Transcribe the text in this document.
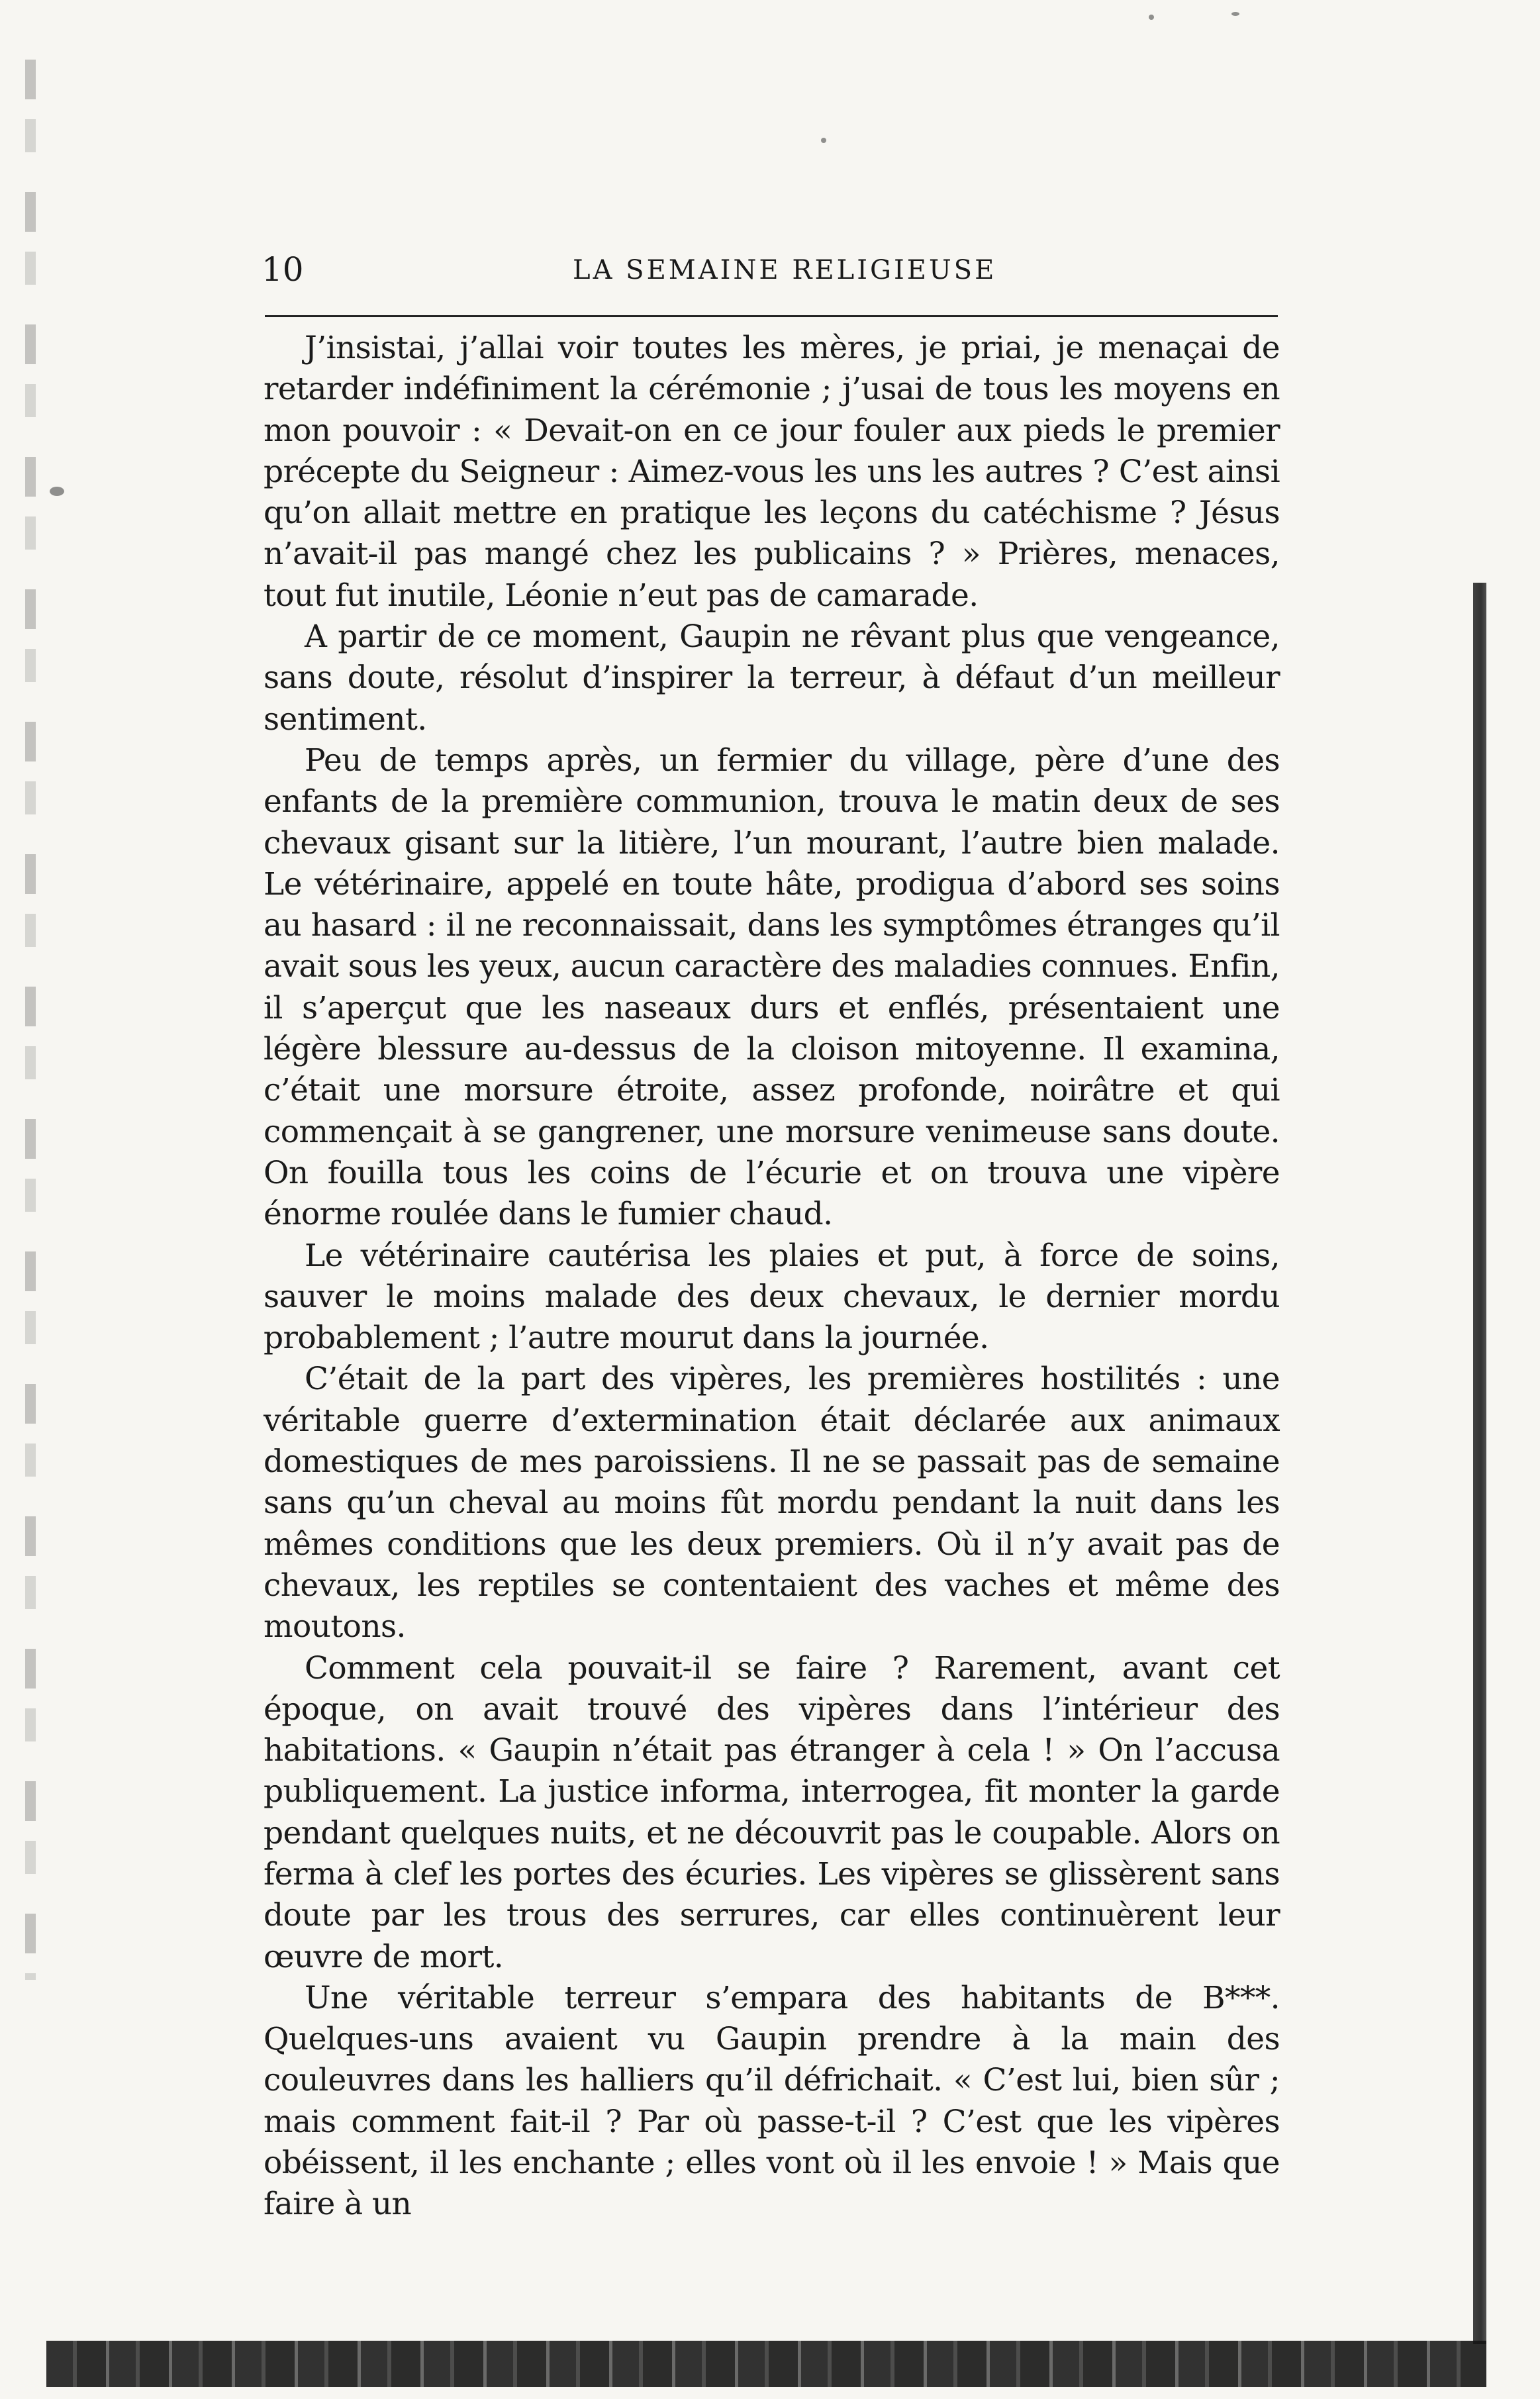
10	LA SEMAINE RELIGIEUSE

J’insistai, j’allai voir toutes les mères, je priai, je menaçai de retarder indéfiniment la cérémonie ; j’usai de tous les moyens en mon pouvoir : « Devait-on en ce jour fouler aux pieds le premier précepte du Seigneur : Aimez-vous les uns les autres ? C’est ainsi qu’on allait mettre en pratique les leçons du catéchisme ? Jésus n’avait-il pas mangé chez les publicains ? » Prières, menaces, tout fut inutile, Léonie n’eut pas de camarade.

A partir de ce moment, Gaupin ne rêvant plus que vengeance, sans doute, résolut d’inspirer la terreur, à défaut d’un meilleur sentiment.

Peu de temps après, un fermier du village, père d’une des enfants de la première communion, trouva le matin deux de ses chevaux gisant sur la litière, l’un mourant, l’autre bien malade. Le vétérinaire, appelé en toute hâte, prodigua d’abord ses soins au hasard : il ne reconnaissait, dans les symptômes étranges qu’il avait sous les yeux, aucun caractère des maladies connues. Enfin, il s’aperçut que les naseaux durs et enflés, présentaient une légère blessure au-dessus de la cloison mitoyenne. Il examina, c’était une morsure étroite, assez profonde, noirâtre et qui commençait à se gangrener, une morsure venimeuse sans doute. On fouilla tous les coins de l’écurie et on trouva une vipère énorme roulée dans le fumier chaud.

Le vétérinaire cautérisa les plaies et put, à force de soins, sauver le moins malade des deux chevaux, le dernier mordu probablement ; l’autre mourut dans la journée.

C’était de la part des vipères, les premières hostilités : une véritable guerre d’extermination était déclarée aux animaux domestiques de mes paroissiens. Il ne se passait pas de semaine sans qu’un cheval au moins fût mordu pendant la nuit dans les mêmes conditions que les deux premiers. Où il n’y avait pas de chevaux, les reptiles se contentaient des vaches et même des moutons.

Comment cela pouvait-il se faire ? Rarement, avant cet époque, on avait trouvé des vipères dans l’intérieur des habitations. « Gaupin n’était pas étranger à cela ! » On l’accusa publiquement. La justice informa, interrogea, fit monter la garde pendant quelques nuits, et ne découvrit pas le coupable. Alors on ferma à clef les portes des écuries. Les vipères se glissèrent sans doute par les trous des serrures, car elles continuèrent leur œuvre de mort.

Une véritable terreur s’empara des habitants de B***. Quelques-uns avaient vu Gaupin prendre à la main des couleuvres dans les halliers qu’il défrichait. « C’est lui, bien sûr ; mais comment fait-il ? Par où passe-t-il ? C’est que les vipères obéissent, il les enchante ; elles vont où il les envoie ! » Mais que faire à un
